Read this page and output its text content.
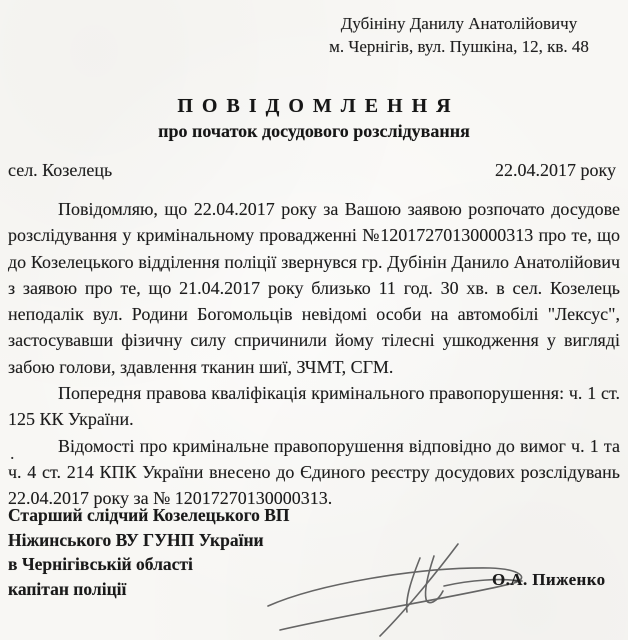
Дубініну Данилу Анатолійовичу
м. Чернігів, вул. Пушкіна, 12, кв. 48
ПОВІДОМЛЕННЯ
про початок досудового розслідування
сел. Козелець	22.04.2017 року

Повідомляю, що 22.04.2017 року за Вашою заявою розпочато досудове розслідування у кримінальному провадженні №12017270130000313 про те, що до Козелецького відділення поліції звернувся гр. Дубінін Данило Анатолійович з заявою про те, що 21.04.2017 року близько 11 год. 30 хв. в сел. Козелець неподалік вул. Родини Богомольців невідомі особи на автомобілі "Лексус", застосувавши фізичну силу спричинили йому тілесні ушкодження у вигляді забою голови, здавлення тканин шиї, ЗЧМТ, СГМ.

Попередня правова кваліфікація кримінального правопорушення: ч. 1 ст. 125 КК України.

Відомості про кримінальне правопорушення відповідно до вимог ч. 1 та ч. 4 ст. 214 КПК України внесено до Єдиного реєстру досудових розслідувань 22.04.2017 року за № 12017270130000313.

.
Старший слідчий Козелецького ВП
Ніжинського ВУ ГУНП України
в Чернігівській області
капітан поліції	О.А. Пиженко
